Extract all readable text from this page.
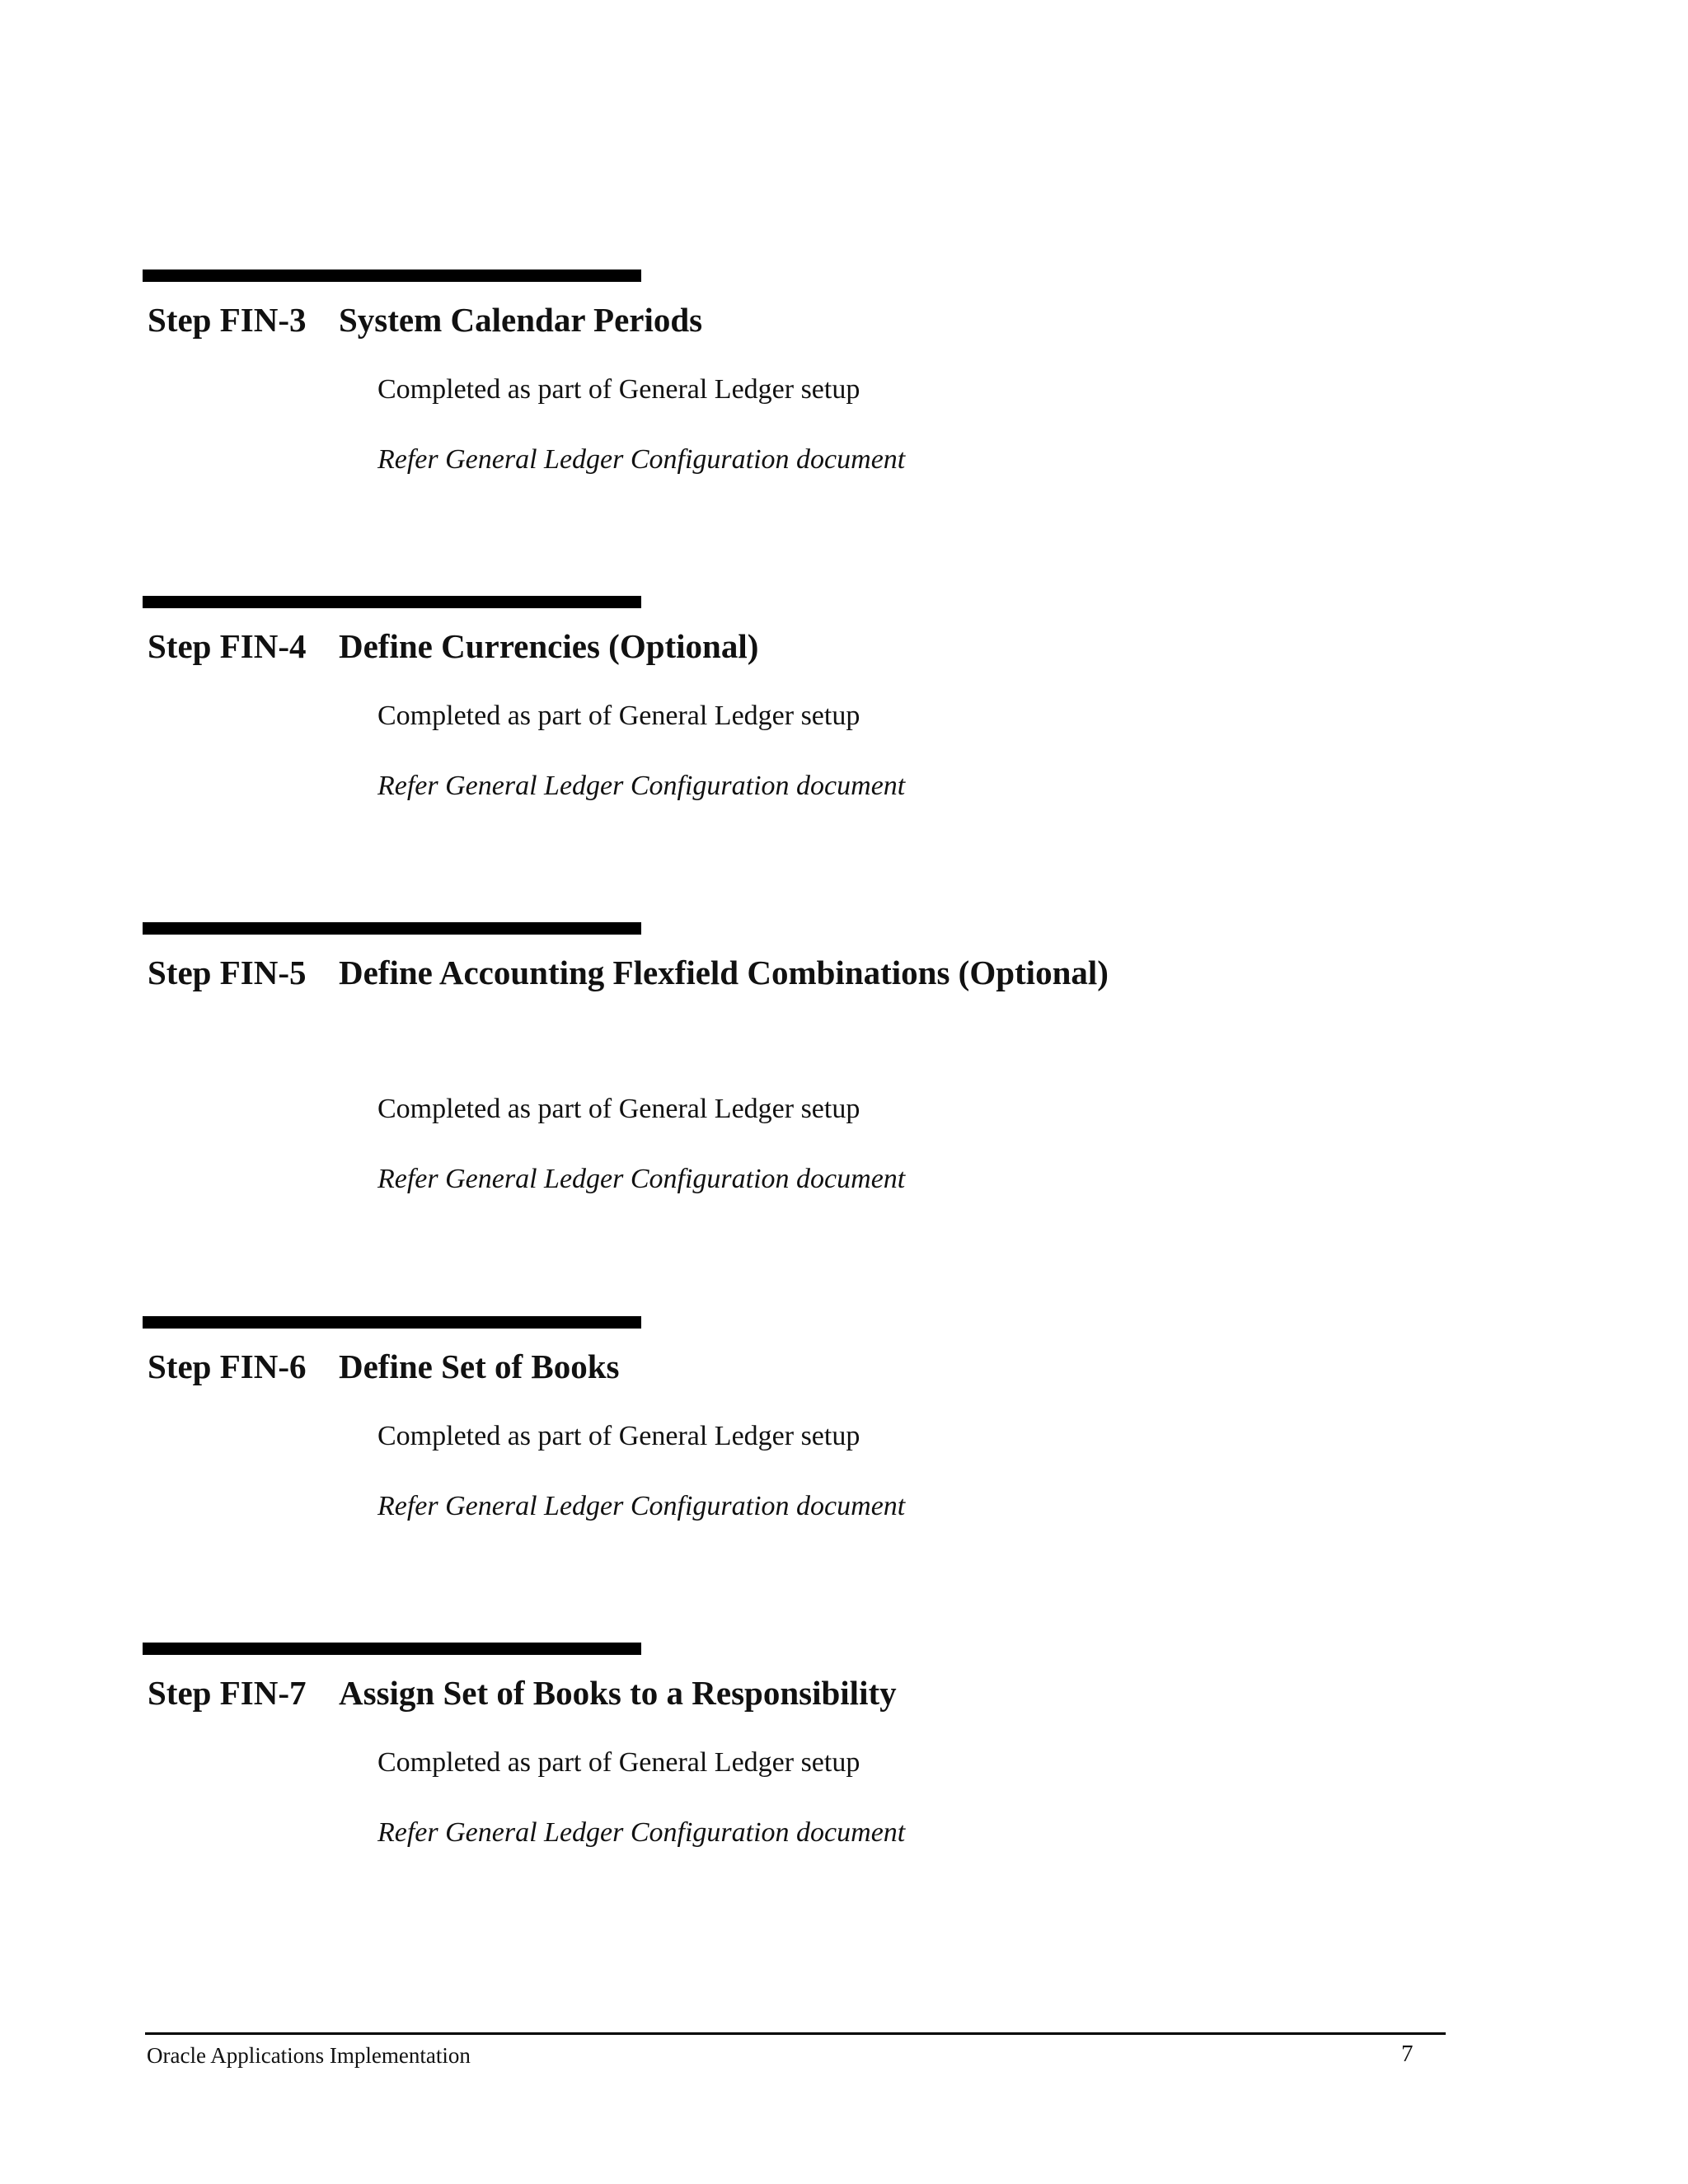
Step FIN-3 System Calendar Periods
Completed as part of General Ledger setup
Refer General Ledger Configuration document
Step FIN-4 Define Currencies (Optional)
Completed as part of General Ledger setup
Refer General Ledger Configuration document
Step FIN-5 Define Accounting Flexfield Combinations (Optional)
Completed as part of General Ledger setup
Refer General Ledger Configuration document
Step FIN-6 Define Set of Books
Completed as part of General Ledger setup
Refer General Ledger Configuration document
Step FIN-7 Assign Set of Books to a Responsibility
Completed as part of General Ledger setup
Refer General Ledger Configuration document
Oracle Applications Implementation	7
